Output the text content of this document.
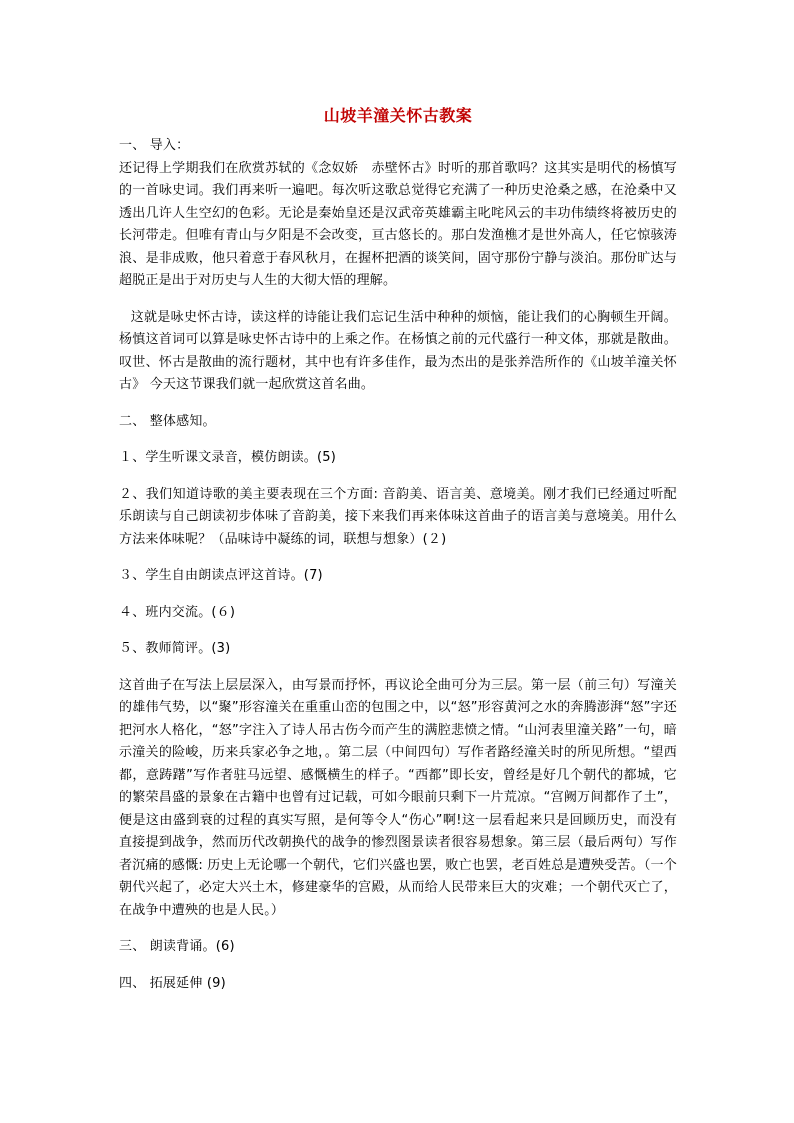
山坡羊潼关怀古教案

一、 导入：

还记得上学期我们在欣赏苏轼的《念奴娇　赤壁怀古》时听的那首歌吗？这其实是明代的杨慎写的一首咏史词。我们再来听一遍吧。每次听这歌总觉得它充满了一种历史沧桑之感，在沧桑中又透出几许人生空幻的色彩。无论是秦始皇还是汉武帝英雄霸主叱咤风云的丰功伟绩终将被历史的长河带走。但唯有青山与夕阳是不会改变，亘古悠长的。那白发渔樵才是世外高人，任它惊骇涛浪、是非成败，他只着意于春风秋月，在握杯把酒的谈笑间，固守那份宁静与淡泊。那份旷达与超脱正是出于对历史与人生的大彻大悟的理解。

这就是咏史怀古诗，读这样的诗能让我们忘记生活中种种的烦恼，能让我们的心胸顿生开阔。杨慎这首词可以算是咏史怀古诗中的上乘之作。在杨慎之前的元代盛行一种文体，那就是散曲。叹世、怀古是散曲的流行题材，其中也有许多佳作，最为杰出的是张养浩所作的《山坡羊潼关怀古》 今天这节课我们就一起欣赏这首名曲。

二、 整体感知。

１、学生听课文录音，模仿朗读。(5)

２、我们知道诗歌的美主要表现在三个方面: 音韵美、语言美、意境美。刚才我们已经通过听配乐朗读与自己朗读初步体味了音韵美，接下来我们再来体味这首曲子的语言美与意境美。用什么方法来体味呢？（品味诗中凝练的词，联想与想象）(２)

３、学生自由朗读点评这首诗。(7)

４、班内交流。(６)

５、教师简评。(3)

这首曲子在写法上层层深入，由写景而抒怀，再议论全曲可分为三层。第一层（前三句）写潼关的雄伟气势，以“聚”形容潼关在重重山峦的包围之中，以“怒”形容黄河之水的奔腾澎湃“怒”字还把河水人格化，“怒”字注入了诗人吊古伤今而产生的满腔悲愤之情。“山河表里潼关路”一句，暗示潼关的险峻，历来兵家必争之地，。第二层（中间四句）写作者路经潼关时的所见所想。“望西都，意踌躇”写作者驻马远望、感慨横生的样子。“西都”即长安，曾经是好几个朝代的都城，它的繁荣昌盛的景象在古籍中也曾有过记载，可如今眼前只剩下一片荒凉。“宫阙万间都作了土”，便是这由盛到衰的过程的真实写照，是何等令人“伤心”啊!这一层看起来只是回顾历史，而没有直接提到战争，然而历代改朝换代的战争的惨烈图景读者很容易想象。第三层（最后两句）写作者沉痛的感慨: 历史上无论哪一个朝代，它们兴盛也罢，败亡也罢，老百姓总是遭殃受苦。（一个朝代兴起了，必定大兴土木，修建豪华的宫殿，从而给人民带来巨大的灾难；一个朝代灭亡了，在战争中遭殃的也是人民。）

三、 朗读背诵。(6)

四、 拓展延伸 (9)
